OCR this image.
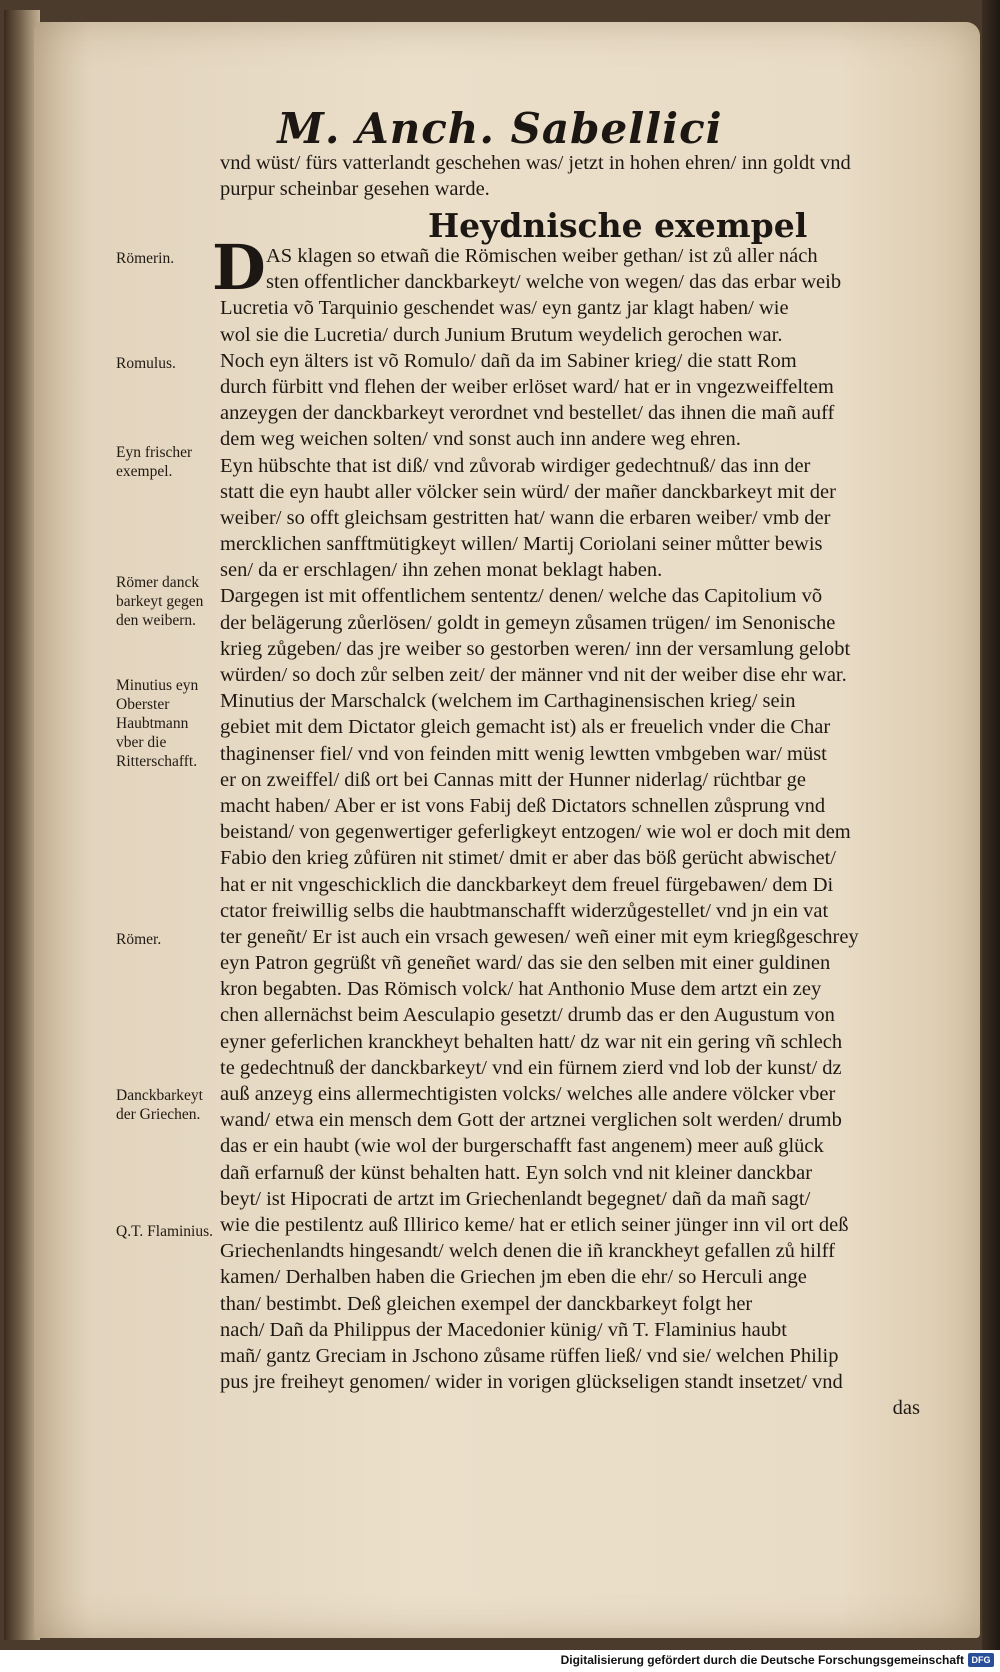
M. Anch. Sabellici
vnd wüst/ fürs vatterlandt geschehen was/ jetzt in hohen ehren/ inn goldt vnd
purpur scheinbar gesehen warde.
Heydnische exempel
D AS klagen so etwañ die Römischen weiber gethan/ ist zů aller nách
sten offentlicher danckbarkeyt/ welche von wegen/ das das erbar weib
Lucretia võ Tarquinio geschendet was/ eyn gantz jar klagt haben/ wie
wol sie die Lucretia/ durch Junium Brutum weydelich gerochen war.
Noch eyn älters ist võ Romulo/ dañ da im Sabiner krieg/ die statt Rom
durch fürbitt vnd flehen der weiber erlöset ward/ hat er in vngezweiffeltem
anzeygen der danckbarkeyt verordnet vnd bestellet/ das ihnen die mañ auff
dem weg weichen solten/ vnd sonst auch inn andere weg ehren.
Eyn hübschte that ist diß/ vnd zůvorab wirdiger gedechtnuß/ das inn der
statt die eyn haubt aller völcker sein würd/ der mañer danckbarkeyt mit der
weiber/ so offt gleichsam gestritten hat/ wann die erbaren weiber/ vmb der
mercklichen sanfftmütigkeyt willen/ Martij Coriolani seiner můtter bewis
sen/ da er erschlagen/ ihn zehen monat beklagt haben.
Dargegen ist mit offentlichem sententz/ denen/ welche das Capitolium võ
der belägerung zůerlösen/ goldt in gemeyn zůsamen trügen/ im Senonische
krieg zůgeben/ das jre weiber so gestorben weren/ inn der versamlung gelobt
würden/ so doch zůr selben zeit/ der männer vnd nit der weiber dise ehr war.
Minutius der Marschalck (welchem im Carthaginensischen krieg/ sein
gebiet mit dem Dictator gleich gemacht ist) als er freuelich vnder die Char
thaginenser fiel/ vnd von feinden mitt wenig lewtten vmbgeben war/ müst
er on zweiffel/ diß ort bei Cannas mitt der Hunner niderlag/ rüchtbar ge
macht haben/ Aber er ist vons Fabij deß Dictators schnellen zůsprung vnd
beistand/ von gegenwertiger geferligkeyt entzogen/ wie wol er doch mit dem
Fabio den krieg zůfüren nit stimet/ dmit er aber das böß gerücht abwischet/
hat er nit vngeschicklich die danckbarkeyt dem freuel fürgebawen/ dem Di
ctator freiwillig selbs die haubtmanschafft widerzůgestellet/ vnd jn ein vat
ter geneñt/ Er ist auch ein vrsach gewesen/ weñ einer mit eym kriegßgeschrey
eyn Patron gegrüßt vñ geneñet ward/ das sie den selben mit einer guldinen
kron begabten. Das Römisch volck/ hat Anthonio Muse dem artzt ein zey
chen allernächst beim Aesculapio gesetzt/ drumb das er den Augustum von
eyner geferlichen kranckheyt behalten hatt/ dz war nit ein gering vñ schlech
te gedechtnuß der danckbarkeyt/ vnd ein fürnem zierd vnd lob der kunst/ dz
auß anzeyg eins allermechtigisten volcks/ welches alle andere völcker vber
wand/ etwa ein mensch dem Gott der artznei verglichen solt werden/ drumb
das er ein haubt (wie wol der burgerschafft fast angenem) meer auß glück
dañ erfarnuß der künst behalten hatt. Eyn solch vnd nit kleiner danckbar
beyt/ ist Hipocrati de artzt im Griechenlandt begegnet/ dañ da mañ sagt/
wie die pestilentz auß Illirico keme/ hat er etlich seiner jünger inn vil ort deß
Griechenlandts hingesandt/ welch denen die iñ kranckheyt gefallen zů hilff
kamen/ Derhalben haben die Griechen jm eben die ehr/ so Herculi ange
than/ bestimbt. Deß gleichen exempel der danckbarkeyt folgt her
nach/ Dañ da Philippus der Macedonier künig/ vñ T. Flaminius haubt
mañ/ gantz Greciam in Jschono zůsame rüffen ließ/ vnd sie/ welchen Philip
pus jre freiheyt genomen/ wider in vorigen glückseligen standt insetzet/ vnd
das
Römerin.
Romulus.
Eyn frischer exempel.
Römer danck barkeyt gegen den weibern.
Minutius eyn Oberster Haubtmann vber die Ritterschafft.
Römer.
Danckbarkeyt der Griechen.
Q.T. Flaminius.
Digitalisierung gefördert durch die Deutsche Forschungsgemeinschaft DFG
